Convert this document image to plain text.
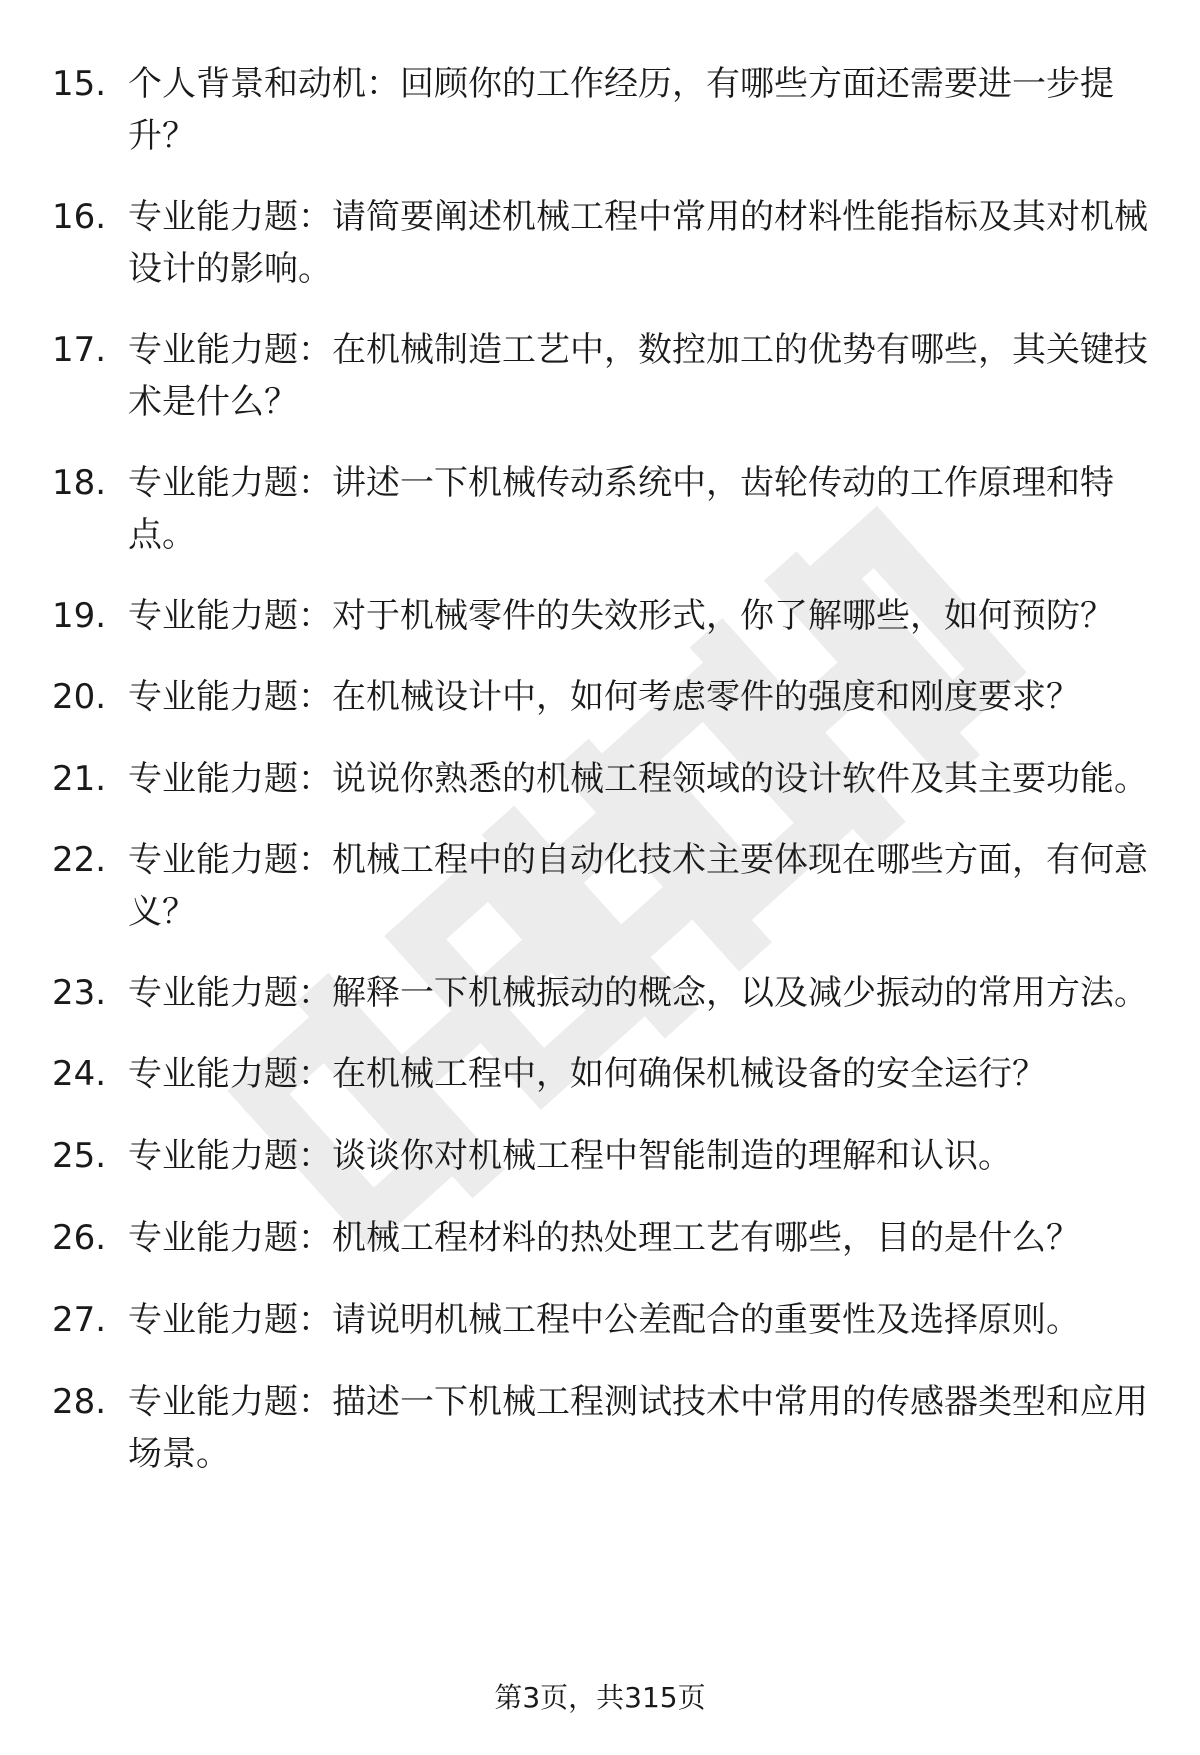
15. 个人背景和动机：回顾你的工作经历，有哪些方面还需要进一步提升？
16. 专业能力题：请简要阐述机械工程中常用的材料性能指标及其对机械设计的影响。
17. 专业能力题：在机械制造工艺中，数控加工的优势有哪些，其关键技术是什么？
18. 专业能力题：讲述一下机械传动系统中，齿轮传动的工作原理和特点。
19. 专业能力题：对于机械零件的失效形式，你了解哪些，如何预防？
20. 专业能力题：在机械设计中，如何考虑零件的强度和刚度要求？
21. 专业能力题：说说你熟悉的机械工程领域的设计软件及其主要功能。
22. 专业能力题：机械工程中的自动化技术主要体现在哪些方面，有何意义？
23. 专业能力题：解释一下机械振动的概念，以及减少振动的常用方法。
24. 专业能力题：在机械工程中，如何确保机械设备的安全运行？
25. 专业能力题：谈谈你对机械工程中智能制造的理解和认识。
26. 专业能力题：机械工程材料的热处理工艺有哪些，目的是什么？
27. 专业能力题：请说明机械工程中公差配合的重要性及选择原则。
28. 专业能力题：描述一下机械工程测试技术中常用的传感器类型和应用场景。
第3页，共315页
